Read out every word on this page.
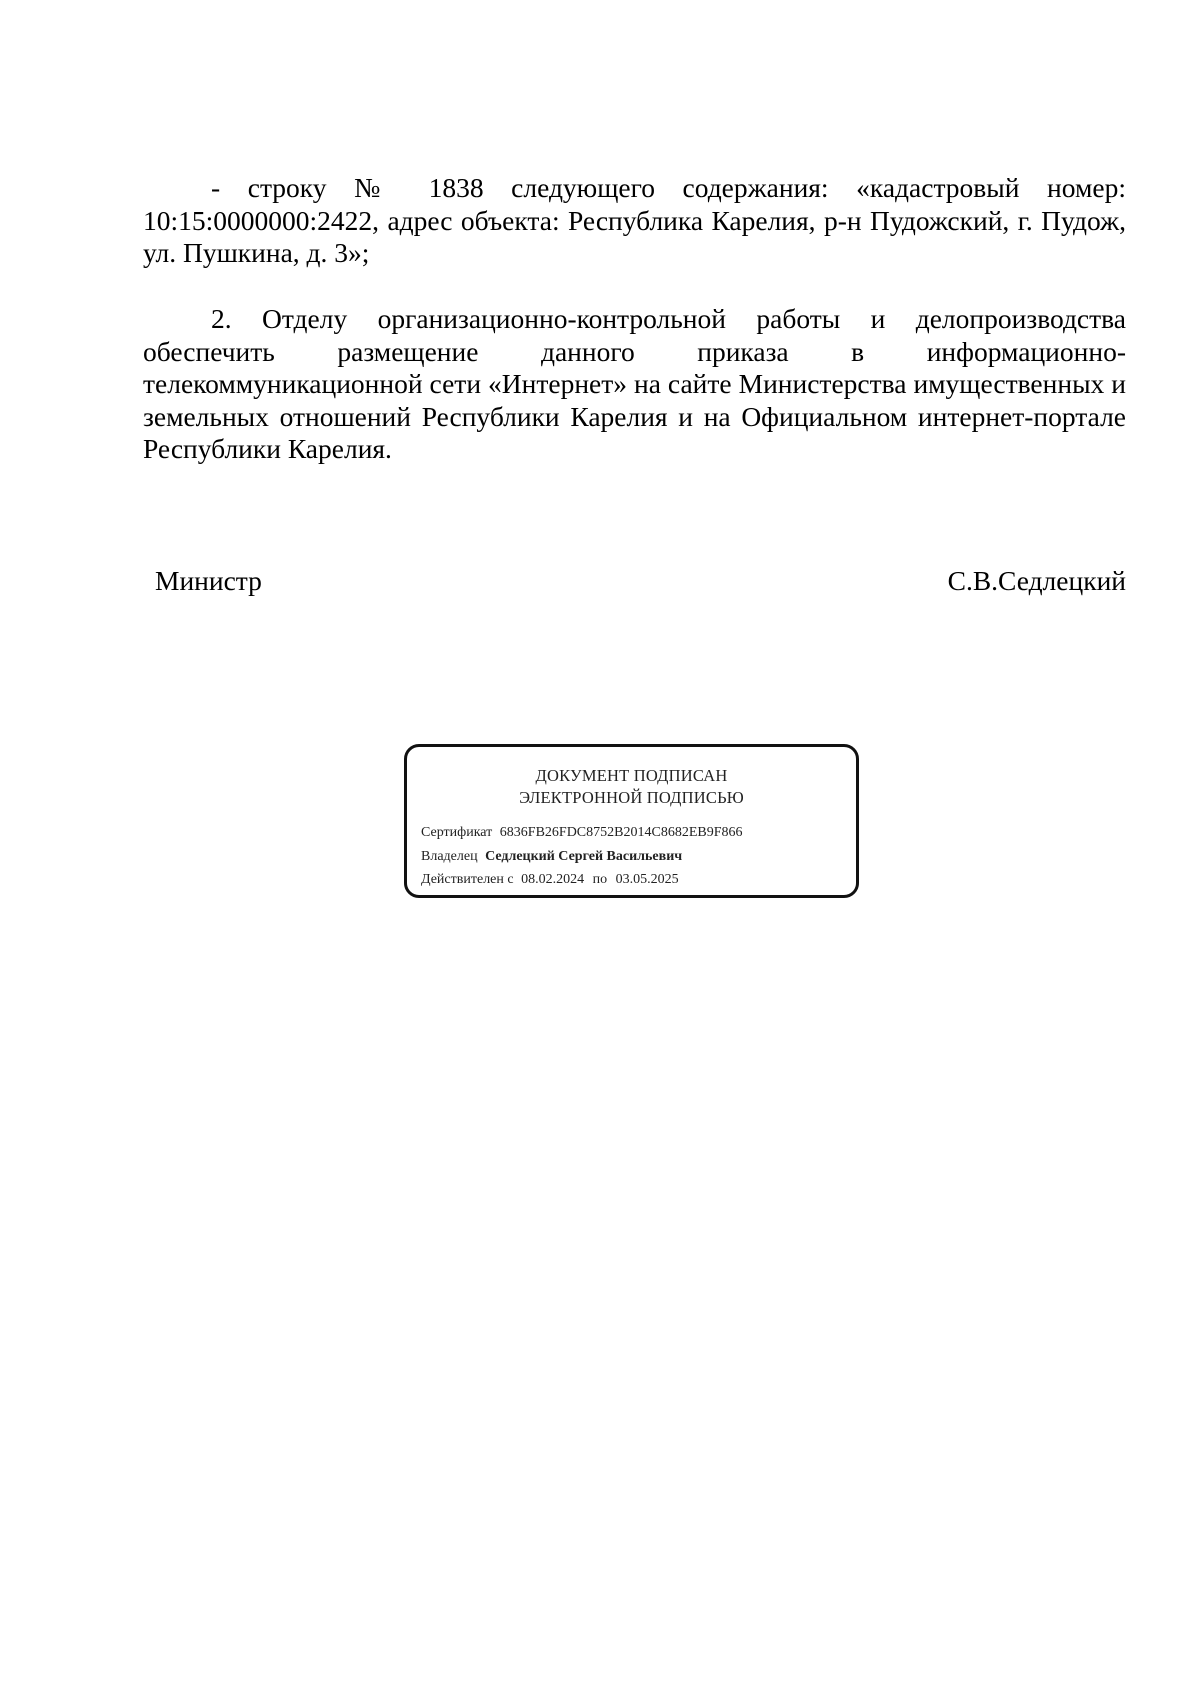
- строку № 1838 следующего содержания: «кадастровый номер: 10:15:0000000:2422, адрес объекта: Республика Карелия, р-н Пудожский, г. Пудож, ул. Пушкина, д. 3»;

2. Отделу организационно-контрольной работы и делопроизводства обеспечить размещение данного приказа в информационно-телекоммуникационной сети «Интернет» на сайте Министерства имущественных и земельных отношений Республики Карелия и на Официальном интернет-портале Республики Карелия.

Министр	С.В.Седлецкий
ДОКУМЕНТ ПОДПИСАН
ЭЛЕКТРОННОЙ ПОДПИСЬЮ
Сертификат 6836FB26FDC8752B2014C8682EB9F866
Владелец Седлецкий Сергей Васильевич
Действителен с 08.02.2024 по 03.05.2025
